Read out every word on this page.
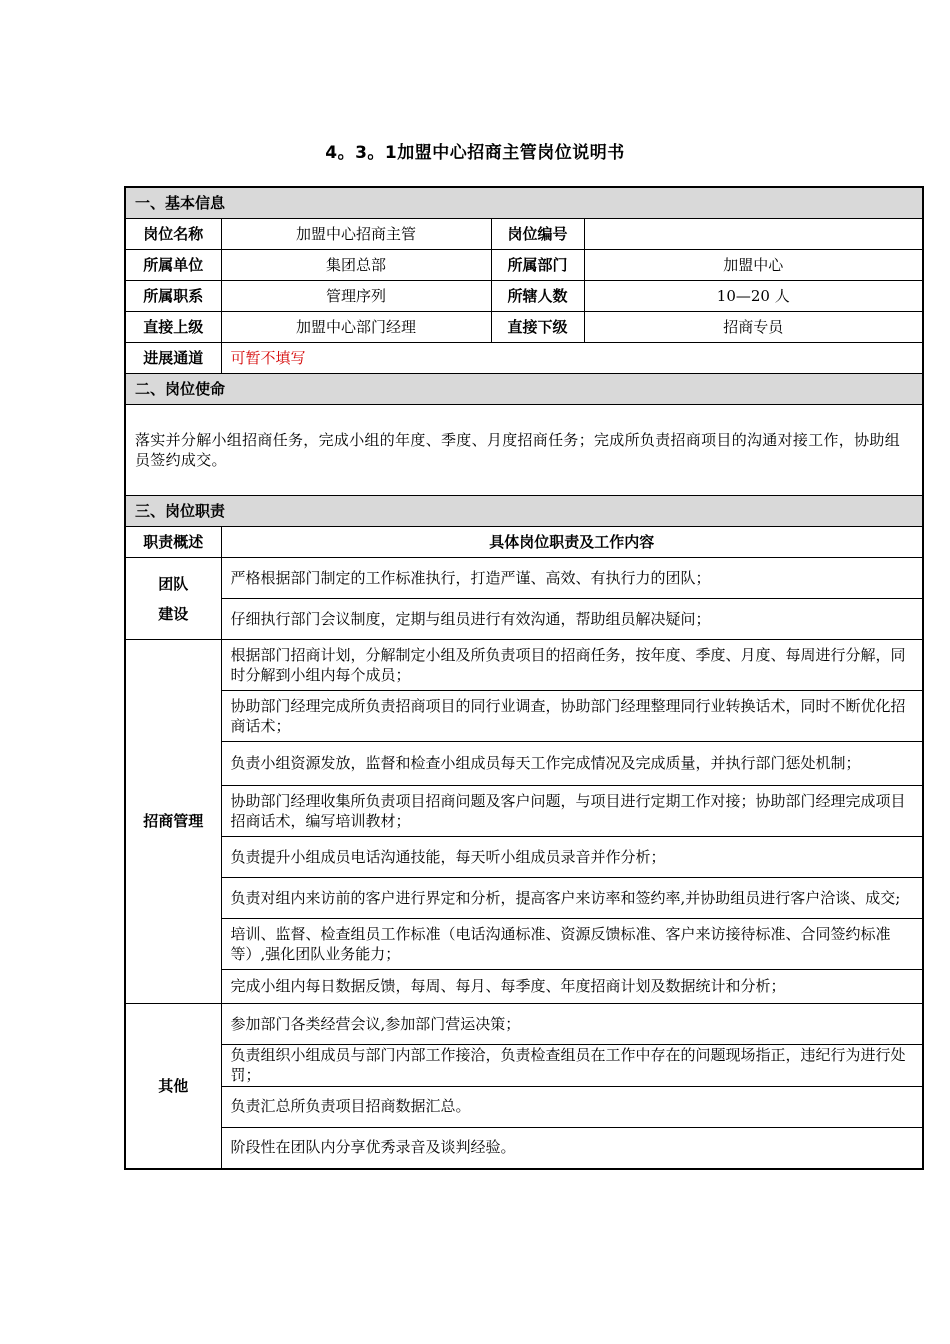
4。3。1加盟中心招商主管岗位说明书
一、基本信息			
岗位名称	加盟中心招商主管	岗位编号	
所属单位	集团总部	所属部门	加盟中心
所属职系	管理序列	所辖人数	10—20 人
直接上级	加盟中心部门经理	直接下级	招商专员
进展通道	可暂不填写		
二、岗位使命			
落实并分解小组招商任务，完成小组的年度、季度、月度招商任务；完成所负责招商项目的沟通对接工作，协助组员签约成交。			
三、岗位职责			
职责概述	具体岗位职责及工作内容		

团队建设	严格根据部门制定的工作标准执行，打造严谨、高效、有执行力的团队；		
	仔细执行部门会议制度，定期与组员进行有效沟通，帮助组员解决疑问；		
招商管理	根据部门招商计划，分解制定小组及所负责项目的招商任务，按年度、季度、月度、每周进行分解，同时分解到小组内每个成员；		
	协助部门经理完成所负责招商项目的同行业调查，协助部门经理整理同行业转换话术，同时不断优化招商话术；		
	负责小组资源发放，监督和检查小组成员每天工作完成情况及完成质量，并执行部门惩处机制；		
	协助部门经理收集所负责项目招商问题及客户问题，与项目进行定期工作对接；协助部门经理完成项目招商话术，编写培训教材；		
	负责提升小组成员电话沟通技能，每天听小组成员录音并作分析；		
	负责对组内来访前的客户进行界定和分析，提高客户来访率和签约率,并协助组员进行客户洽谈、成交;		
	培训、监督、检查组员工作标准（电话沟通标准、资源反馈标准、客户来访接待标准、合同签约标准等）,强化团队业务能力；		
	完成小组内每日数据反馈，每周、每月、每季度、年度招商计划及数据统计和分析；		
其他	参加部门各类经营会议,参加部门营运决策；		
	负责组织小组成员与部门内部工作接洽，负责检查组员在工作中存在的问题现场指正，违纪行为进行处罚；		
	负责汇总所负责项目招商数据汇总。		
	阶段性在团队内分享优秀录音及谈判经验。		
